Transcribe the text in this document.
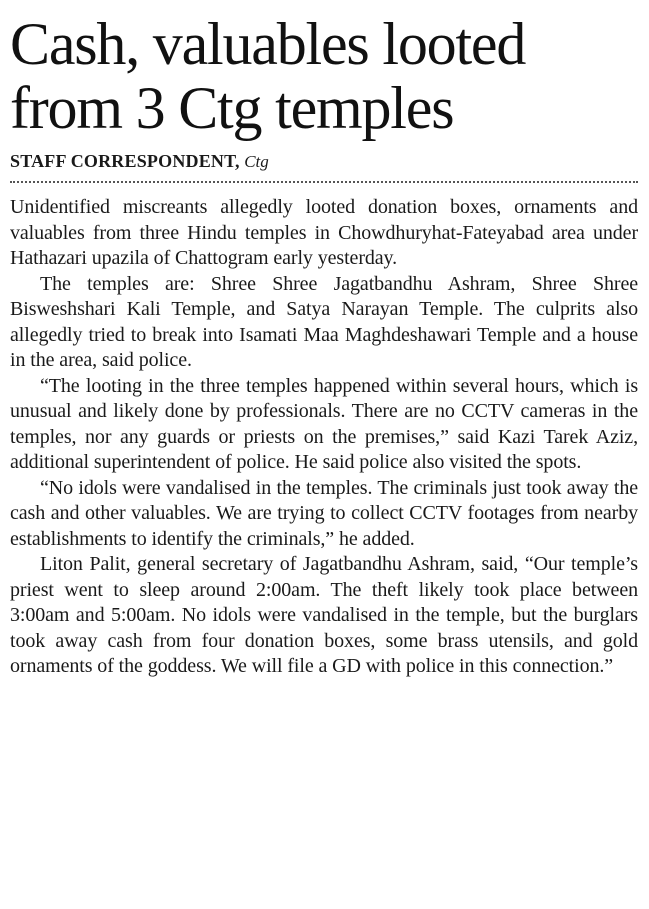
Cash, valuables looted
from 3 Ctg temples
STAFF CORRESPONDENT, Ctg

Unidentified miscreants allegedly looted donation boxes, ornaments and valuables from three Hindu temples in Chowdhuryhat-Fateyabad area under Hathazari upazila of Chattogram early yesterday.

The temples are: Shree Shree Jagatbandhu Ashram, Shree Shree Bisweshshari Kali Temple, and Satya Narayan Temple. The culprits also allegedly tried to break into Isamati Maa Maghdeshawari Temple and a house in the area, said police.

“The looting in the three temples happened within several hours, which is unusual and likely done by professionals. There are no CCTV cameras in the temples, nor any guards or priests on the premises,” said Kazi Tarek Aziz, additional superintendent of police. He said police also visited the spots.

“No idols were vandalised in the temples. The criminals just took away the cash and other valuables. We are trying to collect CCTV footages from nearby establishments to identify the criminals,” he added.

Liton Palit, general secretary of Jagatbandhu Ashram, said, “Our temple’s priest went to sleep around 2:00am. The theft likely took place between 3:00am and 5:00am. No idols were vandalised in the temple, but the burglars took away cash from four donation boxes, some brass utensils, and gold ornaments of the goddess. We will file a GD with police in this connection.”
